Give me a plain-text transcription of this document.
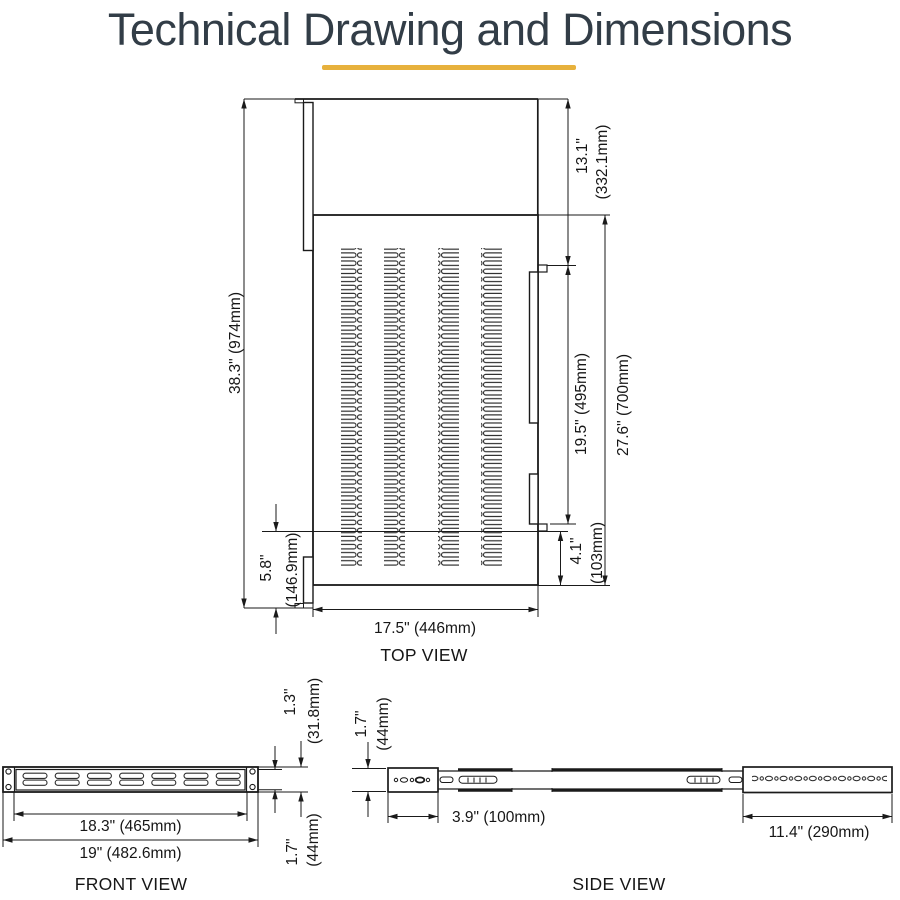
Technical Drawing and Dimensions
38.3" (974mm)
13.1" (332.1mm)
19.5" (495mm) 27.6" (700mm)
5.8" (146.9mm)	4.1" (103mm)
17.5" (446mm)
TOP VIEW
1.3" (31.8mm)
1.7" (44mm)
18.3" (465mm)
19" (482.6mm)
FRONT VIEW
1.7" (44mm)
3.9" (100mm)
11.4" (290mm)
SIDE VIEW
